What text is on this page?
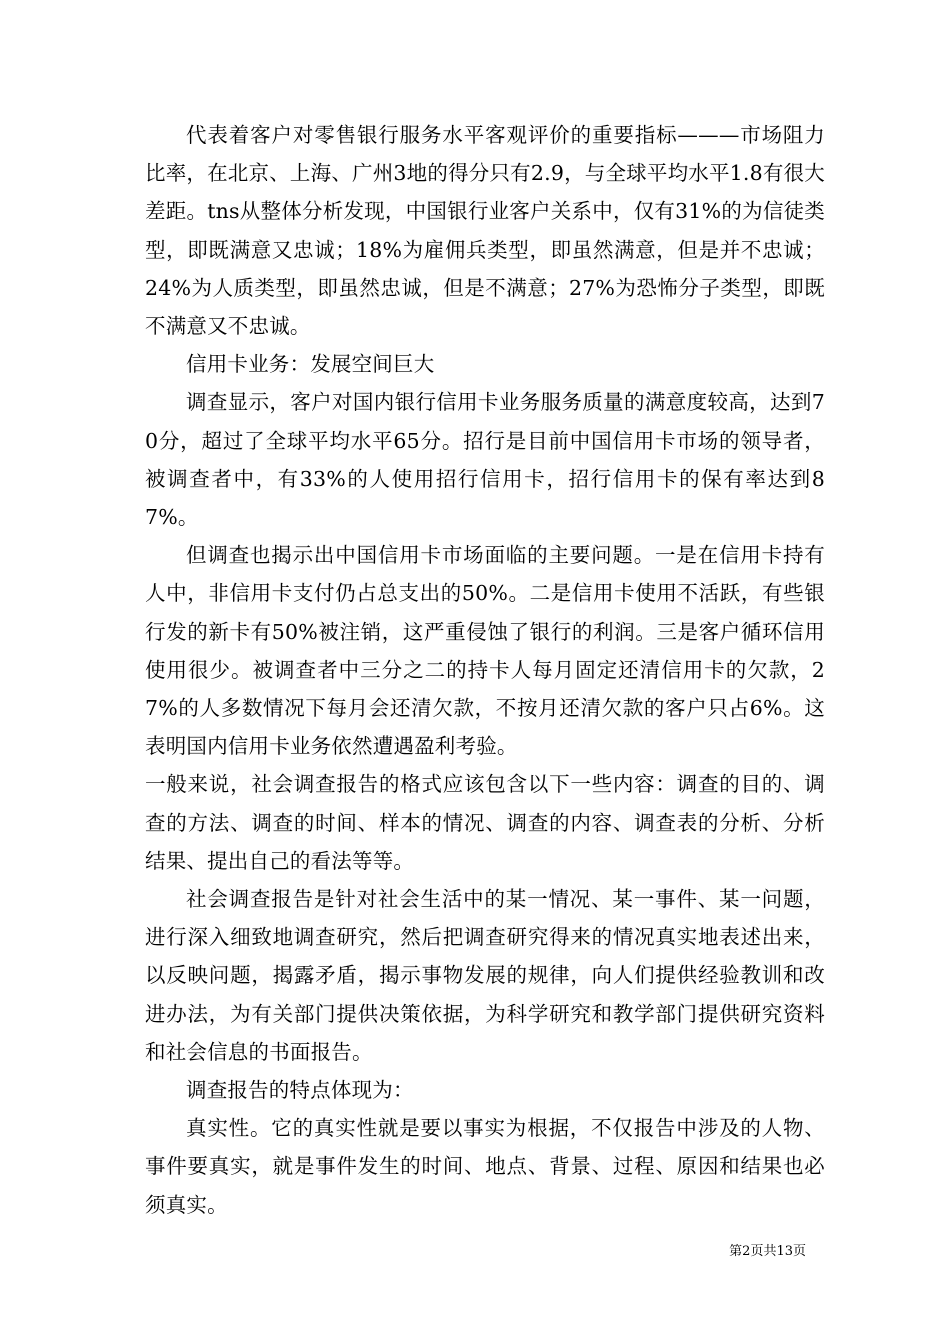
代表着客户对零售银行服务水平客观评价的重要指标———市场阻力比率，在北京、上海、广州3地的得分只有2.9，与全球平均水平1.8有很大差距。tns从整体分析发现，中国银行业客户关系中，仅有31%的为信徒类型，即既满意又忠诚；18%为雇佣兵类型，即虽然满意，但是并不忠诚；24%为人质类型，即虽然忠诚，但是不满意；27%为恐怖分子类型，即既不满意又不忠诚。

信用卡业务：发展空间巨大

调查显示，客户对国内银行信用卡业务服务质量的满意度较高，达到70分，超过了全球平均水平65分。招行是目前中国信用卡市场的领导者，被调查者中，有33%的人使用招行信用卡，招行信用卡的保有率达到87%。

但调查也揭示出中国信用卡市场面临的主要问题。一是在信用卡持有人中，非信用卡支付仍占总支出的50%。二是信用卡使用不活跃，有些银行发的新卡有50%被注销，这严重侵蚀了银行的利润。三是客户循环信用使用很少。被调查者中三分之二的持卡人每月固定还清信用卡的欠款，27%的人多数情况下每月会还清欠款，不按月还清欠款的客户只占6%。这表明国内信用卡业务依然遭遇盈利考验。

一般来说，社会调查报告的格式应该包含以下一些内容：调查的目的、调查的方法、调查的时间、样本的情况、调查的内容、调查表的分析、分析结果、提出自己的看法等等。

社会调查报告是针对社会生活中的某一情况、某一事件、某一问题，进行深入细致地调查研究，然后把调查研究得来的情况真实地表述出来，以反映问题，揭露矛盾，揭示事物发展的规律，向人们提供经验教训和改进办法，为有关部门提供决策依据，为科学研究和教学部门提供研究资料和社会信息的书面报告。

调查报告的特点体现为：

真实性。它的真实性就是要以事实为根据，不仅报告中涉及的人物、事件要真实，就是事件发生的时间、地点、背景、过程、原因和结果也必须真实。

第2页共13页
